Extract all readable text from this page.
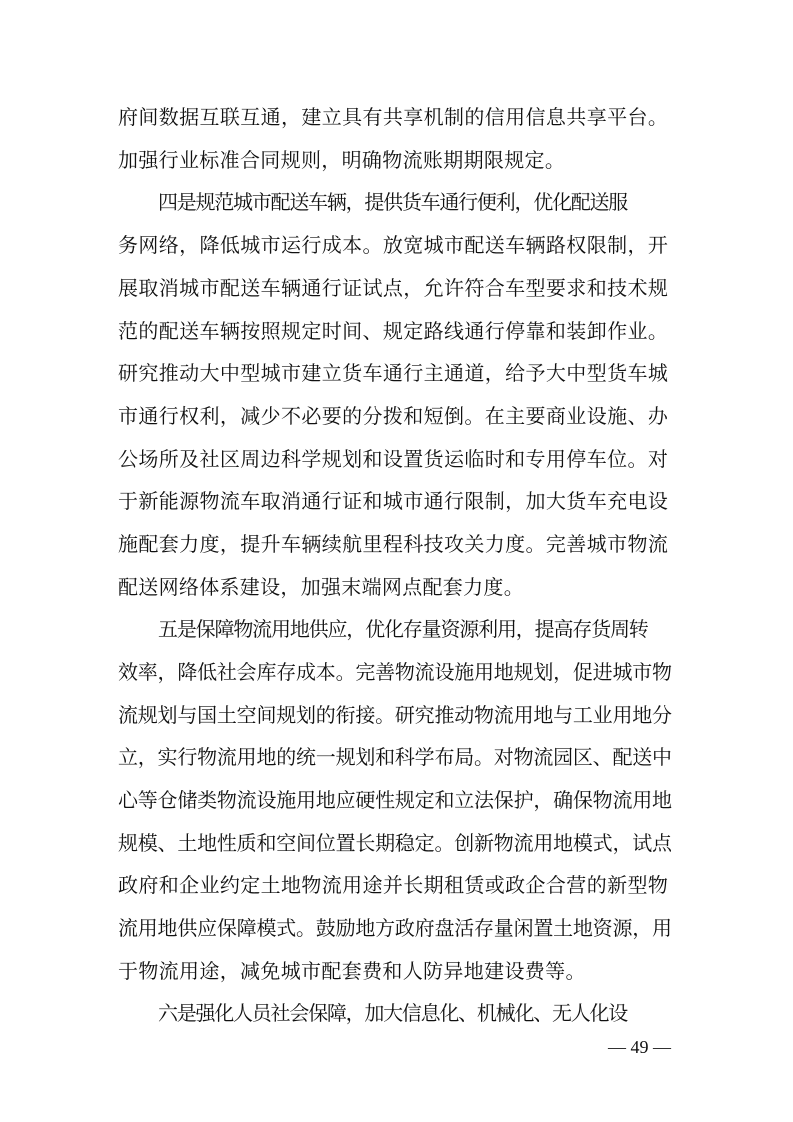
府间数据互联互通，建立具有共享机制的信用信息共享平台。
加强行业标准合同规则，明确物流账期期限规定。
四是规范城市配送车辆，提供货车通行便利，优化配送服
务网络，降低城市运行成本。放宽城市配送车辆路权限制，开
展取消城市配送车辆通行证试点，允许符合车型要求和技术规
范的配送车辆按照规定时间、规定路线通行停靠和装卸作业。
研究推动大中型城市建立货车通行主通道，给予大中型货车城
市通行权利，减少不必要的分拨和短倒。在主要商业设施、办
公场所及社区周边科学规划和设置货运临时和专用停车位。对
于新能源物流车取消通行证和城市通行限制，加大货车充电设
施配套力度，提升车辆续航里程科技攻关力度。完善城市物流
配送网络体系建设，加强末端网点配套力度。
五是保障物流用地供应，优化存量资源利用，提高存货周转
效率，降低社会库存成本。完善物流设施用地规划，促进城市物
流规划与国土空间规划的衔接。研究推动物流用地与工业用地分
立，实行物流用地的统一规划和科学布局。对物流园区、配送中
心等仓储类物流设施用地应硬性规定和立法保护，确保物流用地
规模、土地性质和空间位置长期稳定。创新物流用地模式，试点
政府和企业约定土地物流用途并长期租赁或政企合营的新型物
流用地供应保障模式。鼓励地方政府盘活存量闲置土地资源，用
于物流用途，减免城市配套费和人防异地建设费等。
六是强化人员社会保障，加大信息化、机械化、无人化设
— 49 —
